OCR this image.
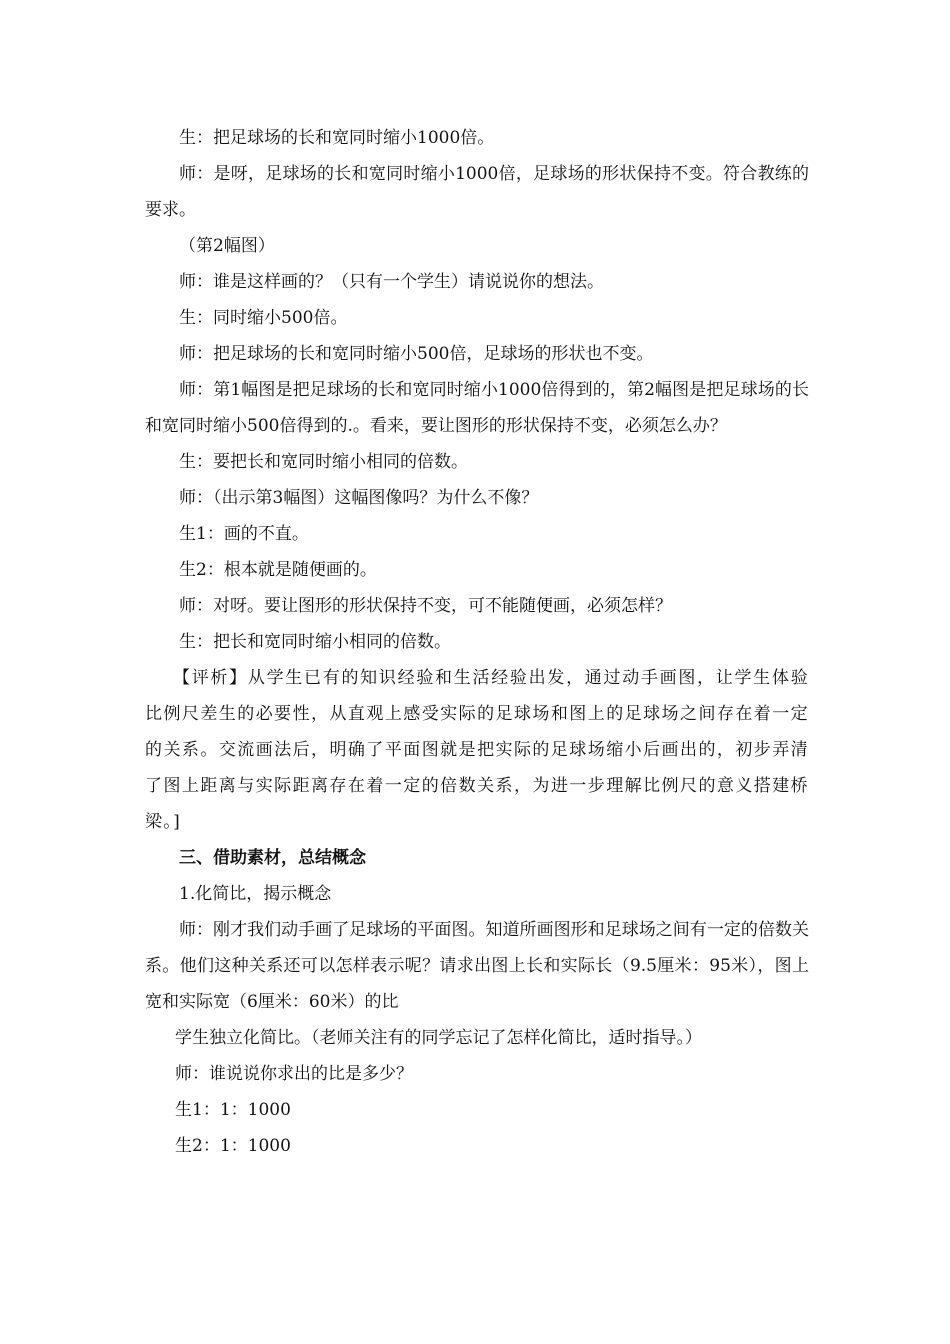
生：把足球场的长和宽同时缩小1000倍。

师：是呀，足球场的长和宽同时缩小1000倍，足球场的形状保持不变。符合教练的要求。

（第2幅图）

师：谁是这样画的？（只有一个学生）请说说你的想法。

生：同时缩小500倍。

师：把足球场的长和宽同时缩小500倍，足球场的形状也不变。

师：第1幅图是把足球场的长和宽同时缩小1000倍得到的，第2幅图是把足球场的长和宽同时缩小500倍得到的.。看来，要让图形的形状保持不变，必须怎么办？

生：要把长和宽同时缩小相同的倍数。

师：（出示第3幅图）这幅图像吗？为什么不像？

生1：画的不直。

生2：根本就是随便画的。

师：对呀。要让图形的形状保持不变，可不能随便画，必须怎样？

生：把长和宽同时缩小相同的倍数。

【评析】从学生已有的知识经验和生活经验出发，通过动手画图，让学生体验比例尺差生的必要性，从直观上感受实际的足球场和图上的足球场之间存在着一定的关系。交流画法后，明确了平面图就是把实际的足球场缩小后画出的，初步弄清了图上距离与实际距离存在着一定的倍数关系，为进一步理解比例尺的意义搭建桥梁。]

三、借助素材，总结概念

1.化简比，揭示概念

师：刚才我们动手画了足球场的平面图。知道所画图形和足球场之间有一定的倍数关系。他们这种关系还可以怎样表示呢？请求出图上长和实际长（9.5厘米：95米），图上宽和实际宽（6厘米：60米）的比

学生独立化简比。（老师关注有的同学忘记了怎样化简比，适时指导。）

师：谁说说你求出的比是多少？

生1：1：1000

生2：1：1000
